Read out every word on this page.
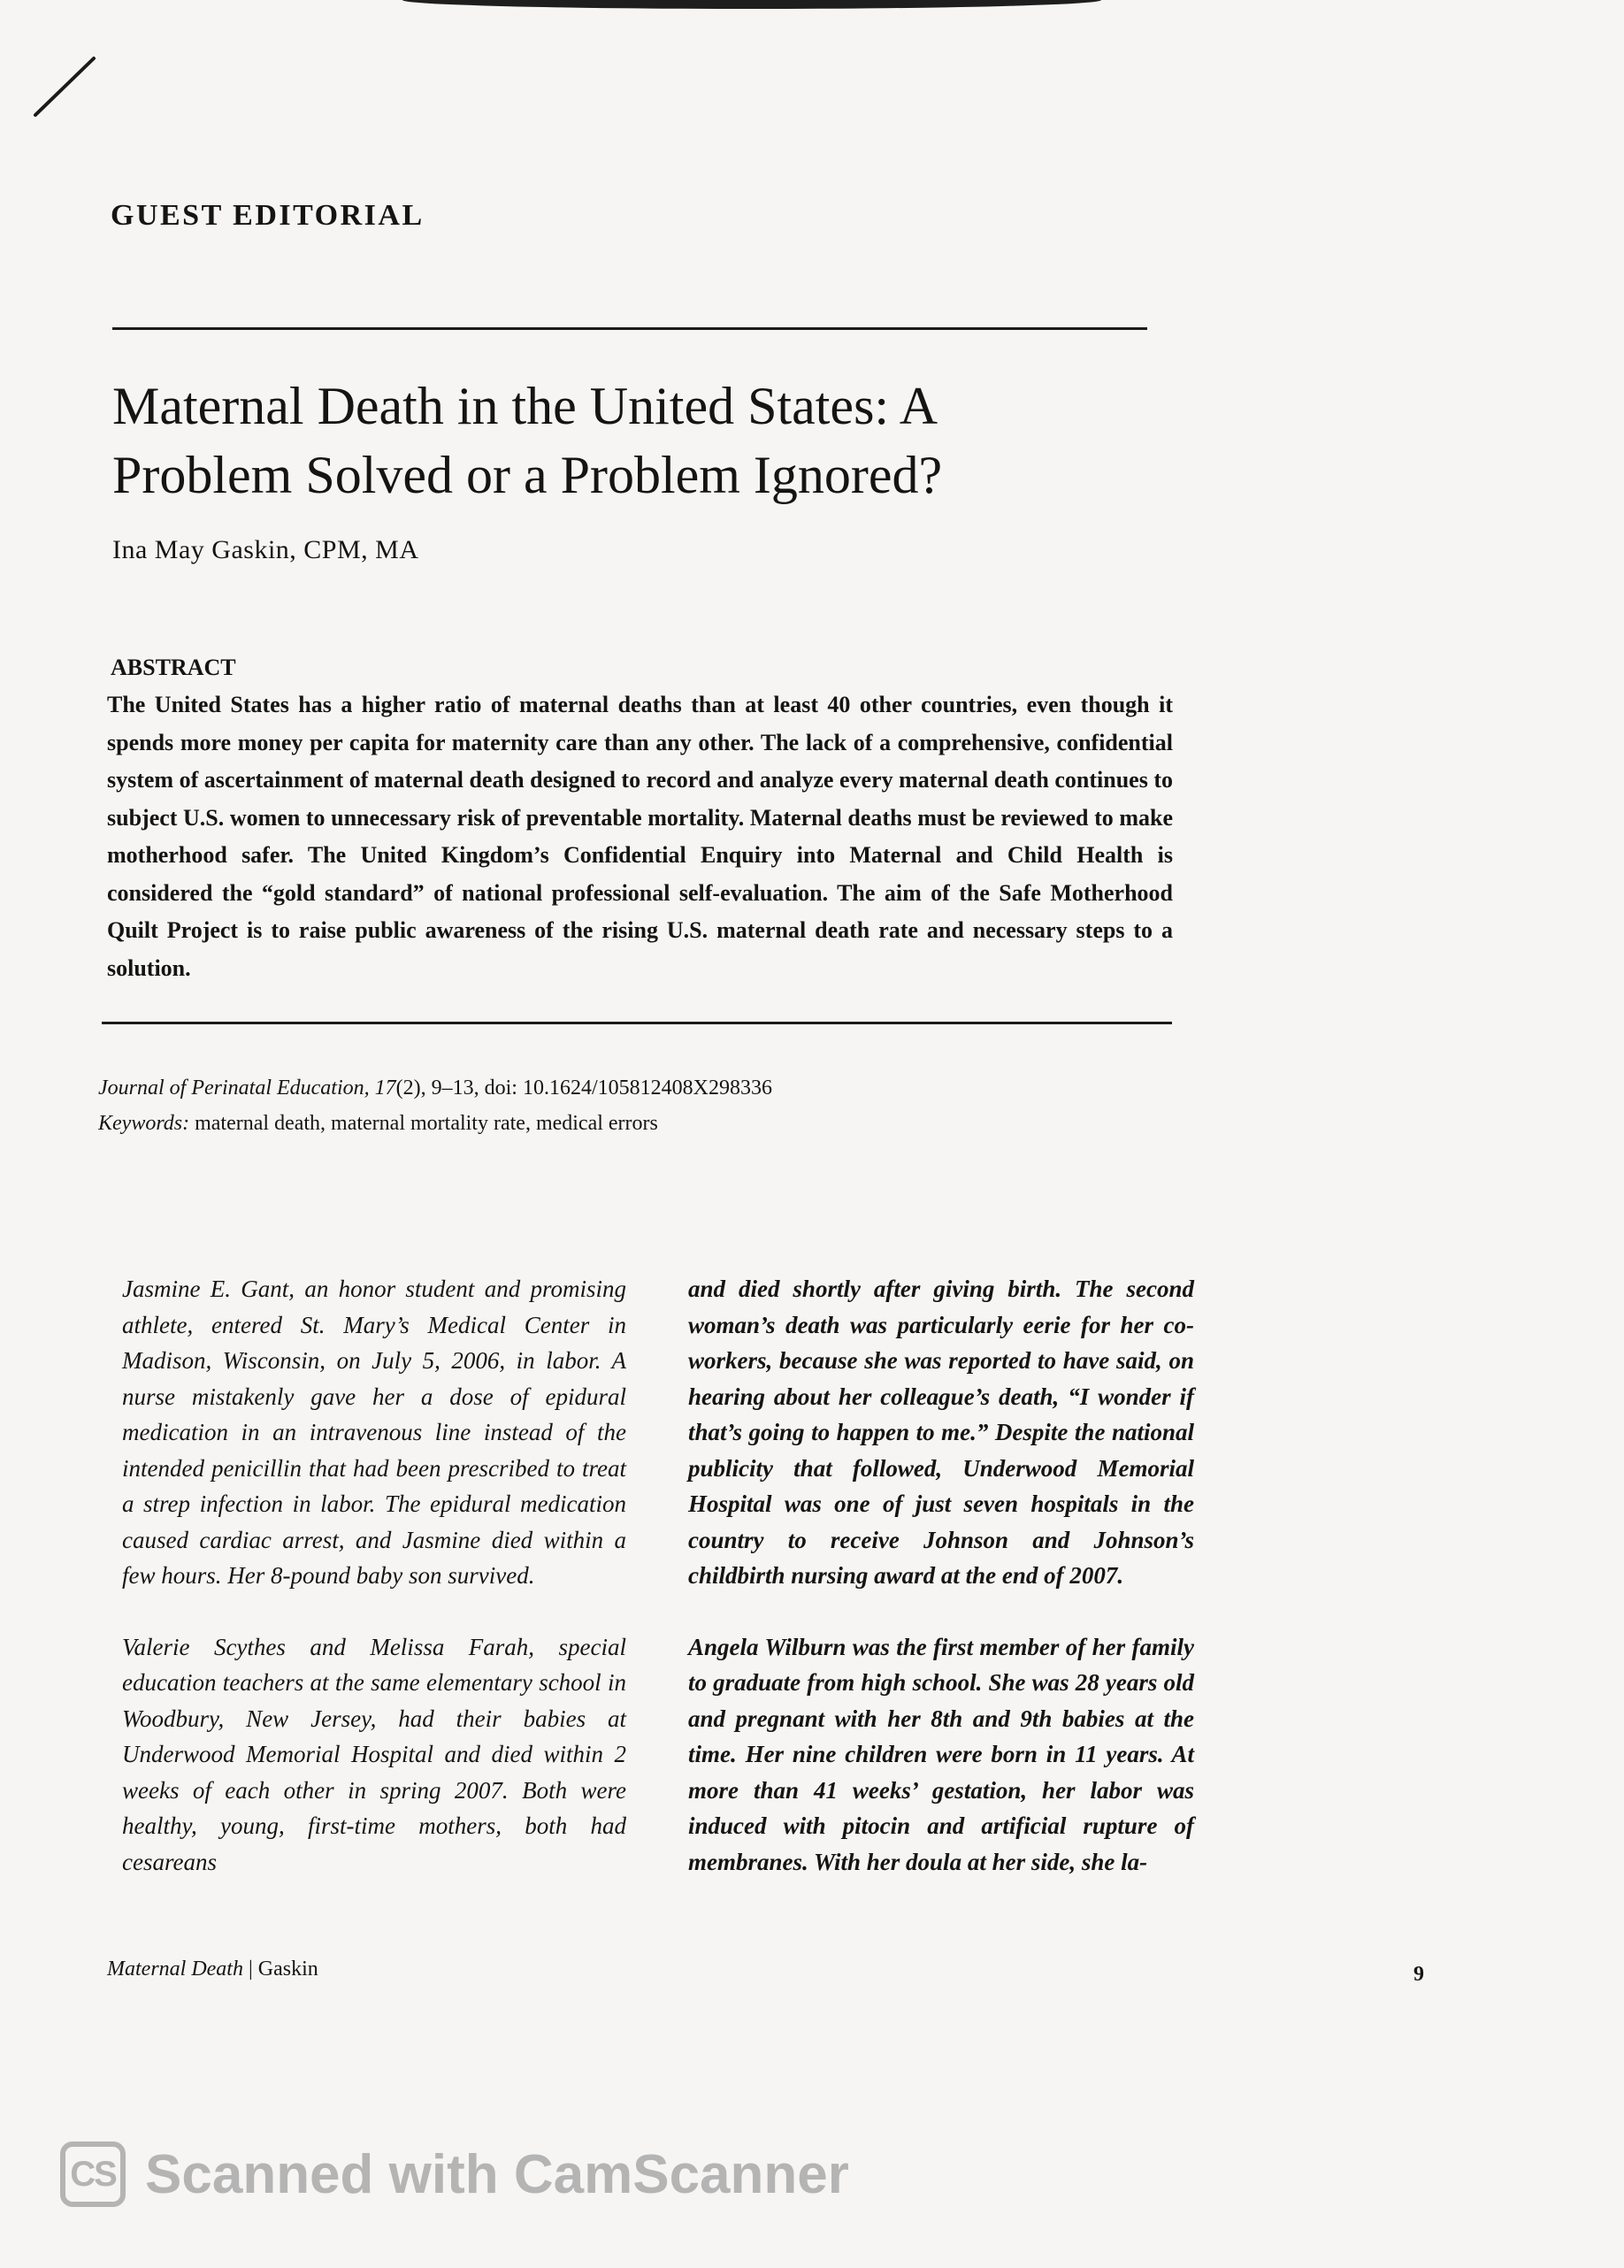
GUEST EDITORIAL
Maternal Death in the United States: A
Problem Solved or a Problem Ignored?
Ina May Gaskin, CPM, MA
ABSTRACT
The United States has a higher ratio of maternal deaths than at least 40 other countries, even though it spends more money per capita for maternity care than any other. The lack of a comprehensive, confidential system of ascertainment of maternal death designed to record and analyze every maternal death continues to subject U.S. women to unnecessary risk of preventable mortality. Maternal deaths must be reviewed to make motherhood safer. The United Kingdom’s Confidential Enquiry into Maternal and Child Health is considered the “gold standard” of national professional self-evaluation. The aim of the Safe Motherhood Quilt Project is to raise public awareness of the rising U.S. maternal death rate and necessary steps to a solution.
Journal of Perinatal Education, 17(2), 9–13, doi: 10.1624/105812408X298336
Keywords: maternal death, maternal mortality rate, medical errors

Jasmine E. Gant, an honor student and promising athlete, entered St. Mary’s Medical Center in Madison, Wisconsin, on July 5, 2006, in labor. A nurse mistakenly gave her a dose of epidural medication in an intravenous line instead of the intended penicillin that had been prescribed to treat a strep infection in labor. The epidural medication caused cardiac arrest, and Jasmine died within a few hours. Her 8-pound baby son survived.

Valerie Scythes and Melissa Farah, special education teachers at the same elementary school in Woodbury, New Jersey, had their babies at Underwood Memorial Hospital and died within 2 weeks of each other in spring 2007. Both were healthy, young, first-time mothers, both had cesareans

and died shortly after giving birth. The second woman’s death was particularly eerie for her co-workers, because she was reported to have said, on hearing about her colleague’s death, “I wonder if that’s going to happen to me.” Despite the national publicity that followed, Underwood Memorial Hospital was one of just seven hospitals in the country to receive Johnson and Johnson’s childbirth nursing award at the end of 2007.

Angela Wilburn was the first member of her family to graduate from high school. She was 28 years old and pregnant with her 8th and 9th babies at the time. Her nine children were born in 11 years. At more than 41 weeks’ gestation, her labor was induced with pitocin and artificial rupture of membranes. With her doula at her side, she la-

Maternal Death | Gaskin	9
CS Scanned with CamScanner
